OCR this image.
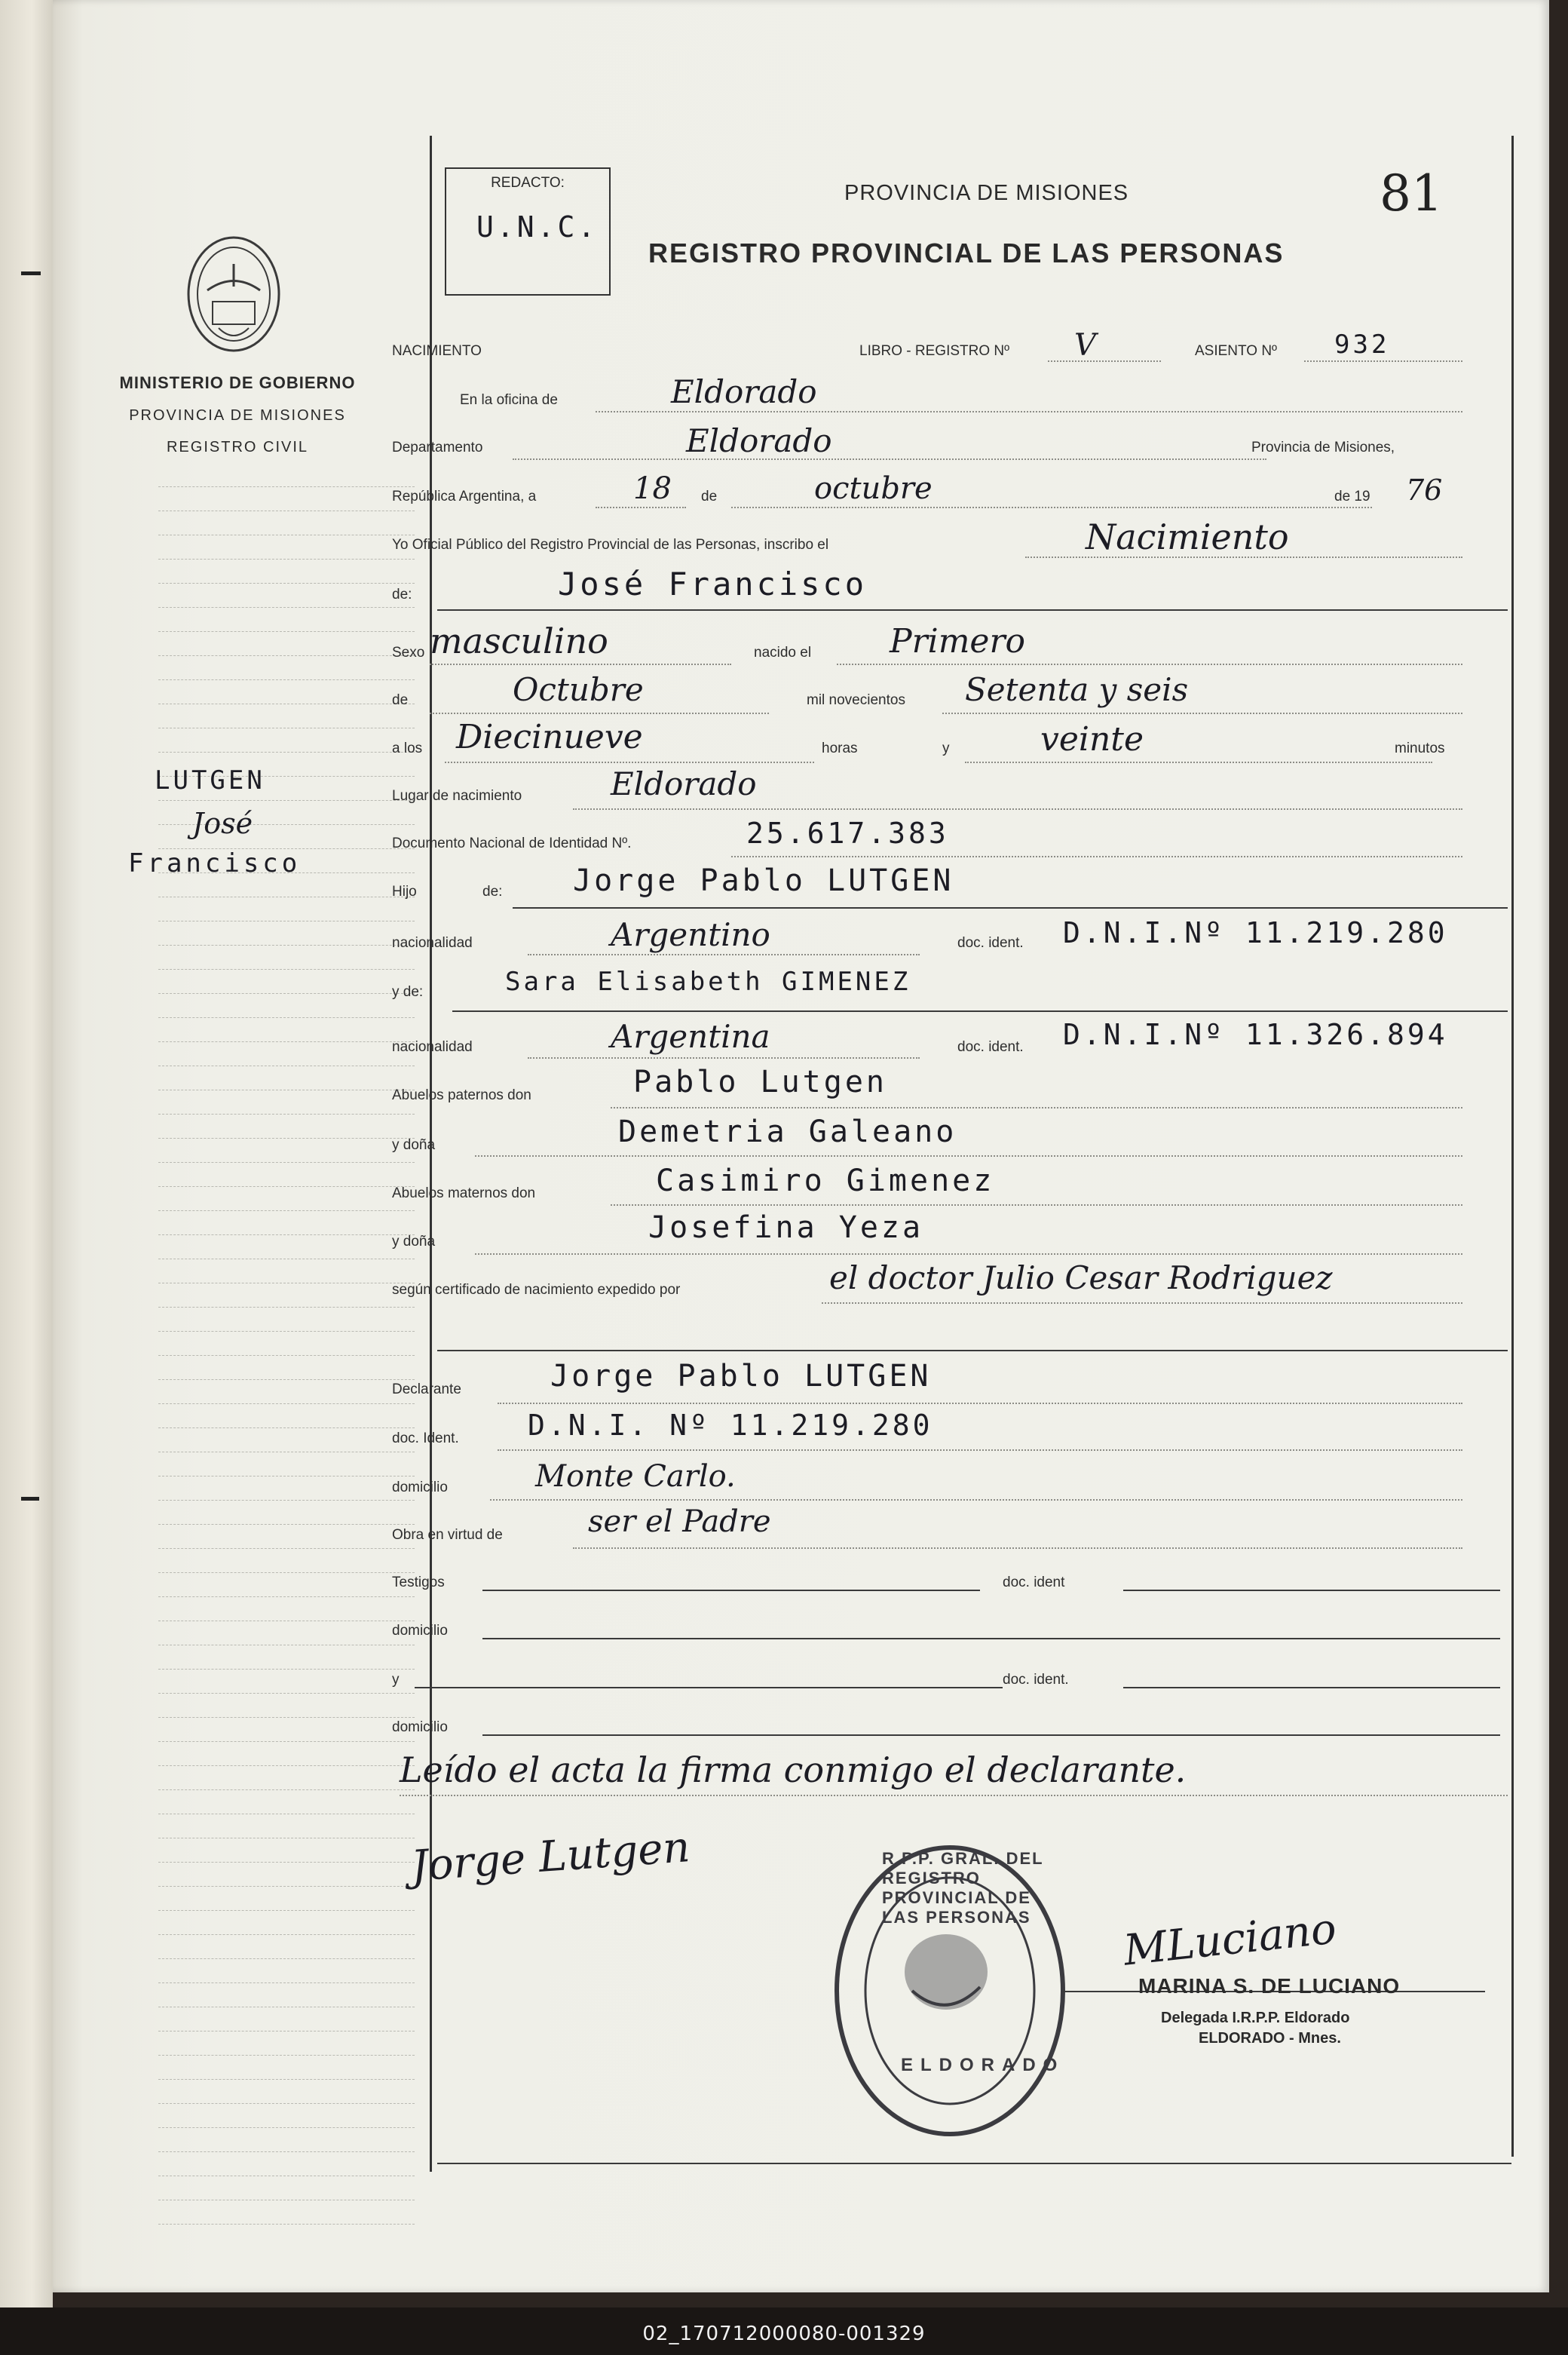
MINISTERIO DE GOBIERNO
PROVINCIA DE MISIONES
REGISTRO CIVIL
LUTGEN
José
Francisco
REDACTO:
U.N.C.
PROVINCIA DE MISIONES
REGISTRO PROVINCIAL DE LAS PERSONAS
81
NACIMIENTO	LIBRO - REGISTRO Nº V	ASIENTO Nº 932
En la oficina de	Eldorado
Departamento	Eldorado	Provincia de Misiones,
República Argentina, a	18 de	octubre	de 19 76
Yo Oficial Público del Registro Provincial de las Personas, inscribo el	Nacimiento
de:	José Francisco
Sexo masculino	nacido el Primero
de	Octubre	mil novecientos Setenta y seis
a los Diecinueve	horas	y	veinte	minutos
Lugar de nacimiento	Eldorado
Documento Nacional de Identidad Nº.	25.617.383
Hijo	de: Jorge Pablo LUTGEN
nacionalidad	Argentino	doc. ident. D.N.I.Nº 11.219.280
y de:	Sara Elisabeth GIMENEZ
nacionalidad	Argentina	doc. ident. D.N.I.Nº 11.326.894
Abuelos paternos don	Pablo Lutgen
y doña	Demetria Galeano
Abuelos maternos don	Casimiro Gimenez
y doña	Josefina Yeza
según certificado de nacimiento expedido por	el doctor Julio Cesar Rodriguez
Declarante	Jorge Pablo LUTGEN
doc. Ident. D.N.I. Nº 11.219.280
domicilio	Monte Carlo.
Obra en virtud de	ser el Padre
Testigos	doc. ident
domicilio
y	doc. ident.
domicilio
Leído el acta la firma conmigo el declarante.
Jorge Lutgen	R.P.P. GRAL. DEL REGISTRO PROVINCIAL DE LAS PERSONAS
ELDORADO
MLuciano
MARINA S. DE LUCIANO
Delegada I.R.P.P. Eldorado
ELDORADO - Mnes.
02_170712000080-001329
